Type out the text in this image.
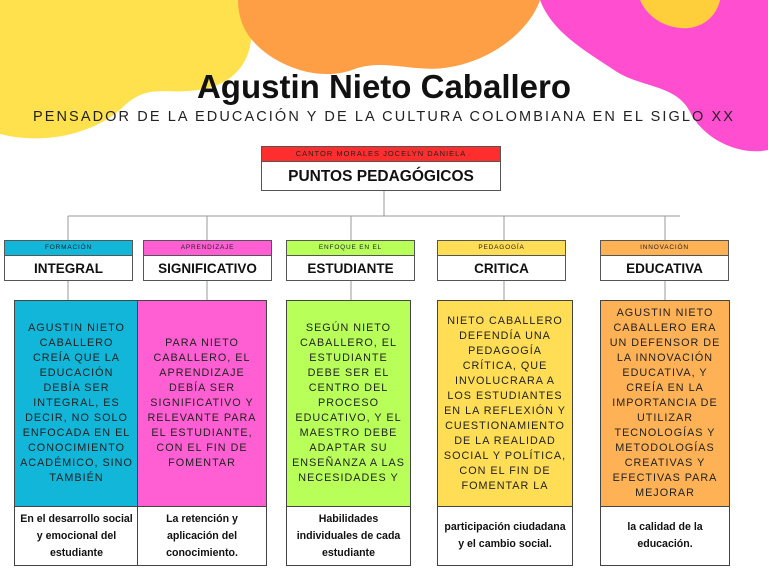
Agustin Nieto Caballero
PENSADOR DE LA EDUCACIÓN Y DE LA CULTURA COLOMBIANA EN EL SIGLO XX
CANTOR MORALES JOCELYN DANIELA
PUNTOS PEDAGÓGICOS
FORMACIÓN
INTEGRAL
AGUSTIN NIETO CABALLERO CREÍA QUE LA EDUCACIÓN DEBÍA SER INTEGRAL, ES DECIR, NO SOLO ENFOCADA EN EL CONOCIMIENTO ACADÉMICO, SINO TAMBIÉN
En el desarrollo social y emocional del estudiante
APRENDIZAJE
SIGNIFICATIVO
PARA NIETO CABALLERO, EL APRENDIZAJE DEBÍA SER SIGNIFICATIVO Y RELEVANTE PARA EL ESTUDIANTE, CON EL FIN DE FOMENTAR
La retención y aplicación del conocimiento.
ENFOQUE EN EL
ESTUDIANTE
SEGÚN NIETO CABALLERO, EL ESTUDIANTE DEBE SER EL CENTRO DEL PROCESO EDUCATIVO, Y EL MAESTRO DEBE ADAPTAR SU ENSEÑANZA A LAS NECESIDADES Y
Habilidades individuales de cada estudiante
PEDAGOGÍA
CRITICA
NIETO CABALLERO DEFENDÍA UNA PEDAGOGÍA CRÍTICA, QUE INVOLUCRARA A LOS ESTUDIANTES EN LA REFLEXIÓN Y CUESTIONAMIENTO DE LA REALIDAD SOCIAL Y POLÍTICA, CON EL FIN DE FOMENTAR LA
participación ciudadana y el cambio social.
INNOVACIÓN
EDUCATIVA
AGUSTIN NIETO CABALLERO ERA UN DEFENSOR DE LA INNOVACIÓN EDUCATIVA, Y CREÍA EN LA IMPORTANCIA DE UTILIZAR TECNOLOGÍAS Y METODOLOGÍAS CREATIVAS Y EFECTIVAS PARA MEJORAR
la calidad de la educación.
